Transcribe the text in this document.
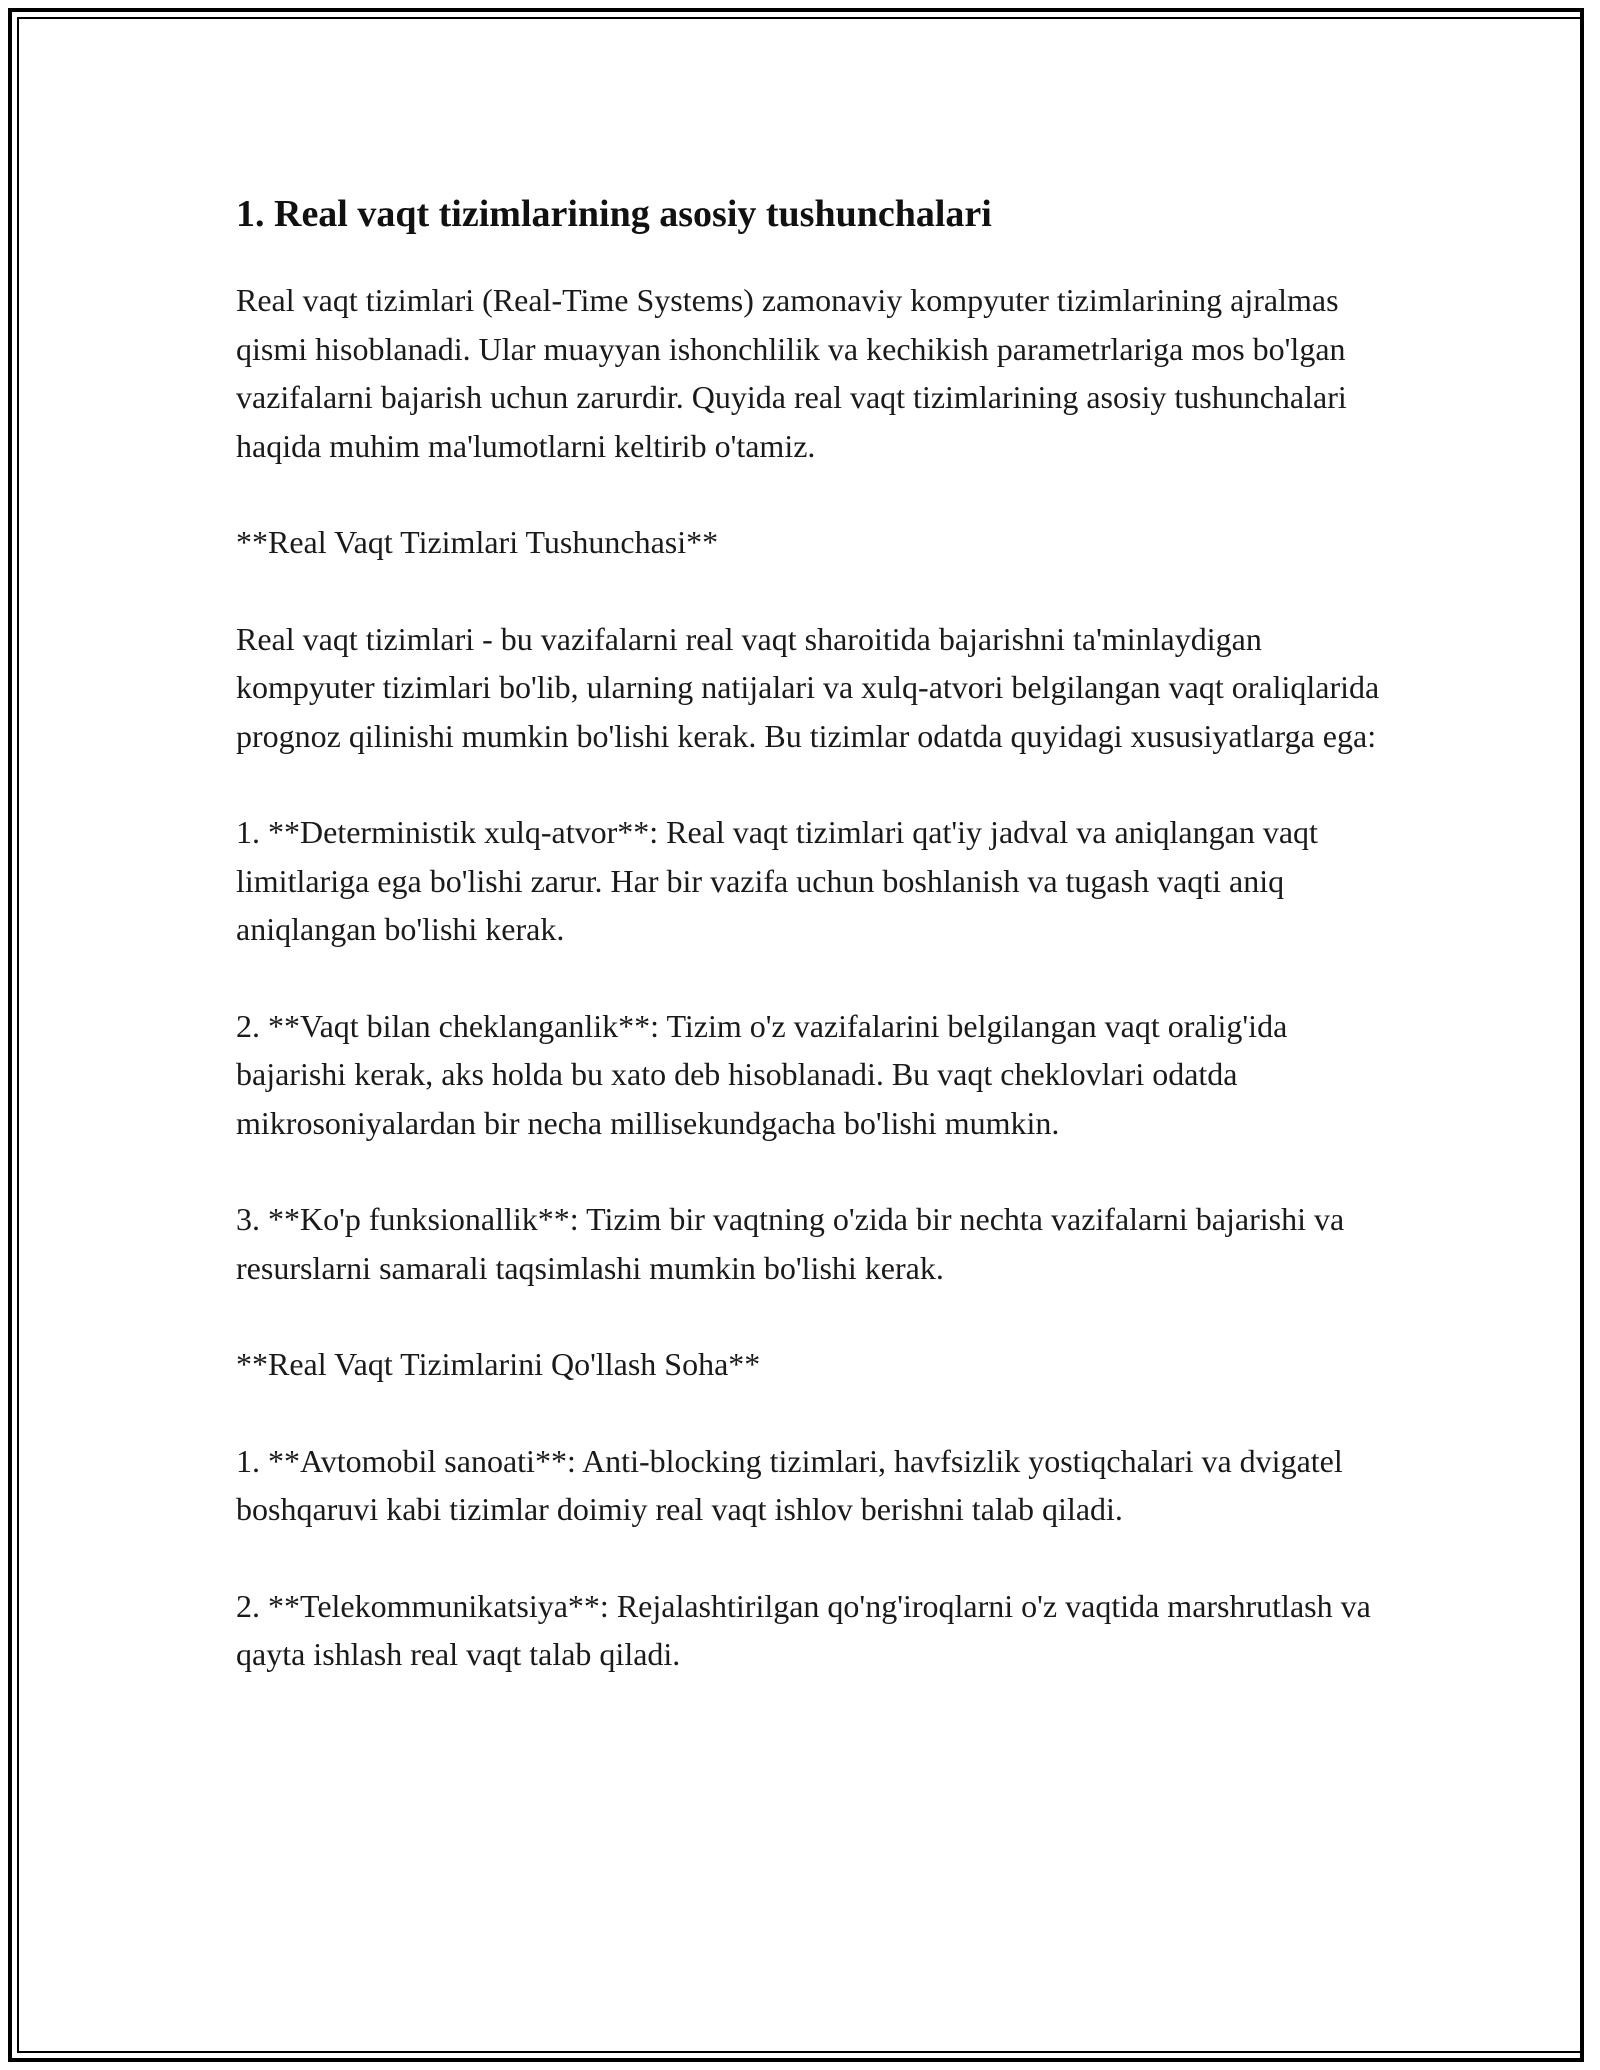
1. Real vaqt tizimlarining asosiy tushunchalari

Real vaqt tizimlari (Real-Time Systems) zamonaviy kompyuter tizimlarining ajralmas qismi hisoblanadi. Ular muayyan ishonchlilik va kechikish parametrlariga mos bo'lgan vazifalarni bajarish uchun zarurdir. Quyida real vaqt tizimlarining asosiy tushunchalari haqida muhim ma'lumotlarni keltirib o'tamiz.

**Real Vaqt Tizimlari Tushunchasi**

Real vaqt tizimlari - bu vazifalarni real vaqt sharoitida bajarishni ta'minlaydigan kompyuter tizimlari bo'lib, ularning natijalari va xulq-atvori belgilangan vaqt oraliqlarida prognoz qilinishi mumkin bo'lishi kerak. Bu tizimlar odatda quyidagi xususiyatlarga ega:

1. **Deterministik xulq-atvor**: Real vaqt tizimlari qat'iy jadval va aniqlangan vaqt limitlariga ega bo'lishi zarur. Har bir vazifa uchun boshlanish va tugash vaqti aniq aniqlangan bo'lishi kerak.

2. **Vaqt bilan cheklanganlik**: Tizim o'z vazifalarini belgilangan vaqt oralig'ida bajarishi kerak, aks holda bu xato deb hisoblanadi. Bu vaqt cheklovlari odatda mikrosoniyalardan bir necha millisekundgacha bo'lishi mumkin.

3. **Ko'p funksionallik**: Tizim bir vaqtning o'zida bir nechta vazifalarni bajarishi va resurslarni samarali taqsimlashi mumkin bo'lishi kerak.

**Real Vaqt Tizimlarini Qo'llash Soha**

1. **Avtomobil sanoati**: Anti-blocking tizimlari, havfsizlik yostiqchalari va dvigatel boshqaruvi kabi tizimlar doimiy real vaqt ishlov berishni talab qiladi.

2. **Telekommunikatsiya**: Rejalashtirilgan qo'ng'iroqlarni o'z vaqtida marshrutlash va qayta ishlash real vaqt talab qiladi.
